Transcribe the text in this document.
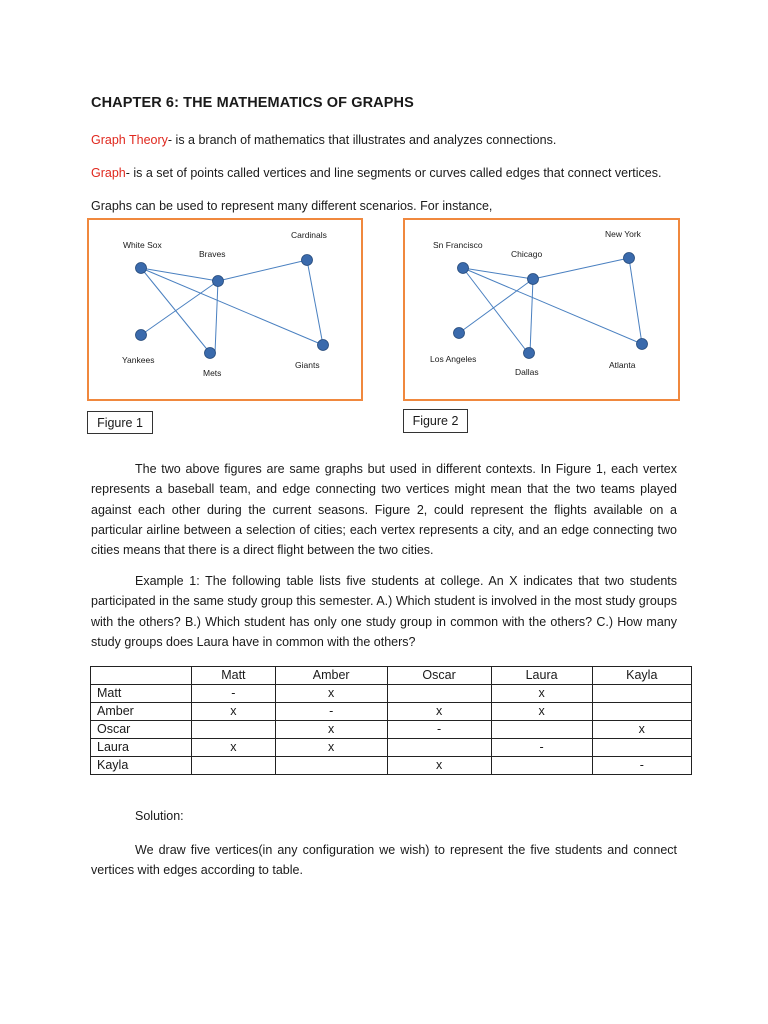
CHAPTER 6: THE MATHEMATICS OF GRAPHS
Graph Theory- is a branch of mathematics that illustrates and analyzes connections.
Graph- is a set of points called vertices and line segments or curves called edges that connect vertices.
Graphs can be used to represent many different scenarios. For instance,
White Sox
Braves
Cardinals
Yankees
Mets
Giants
Figure 1
Sn Francisco
Chicago
New York
Los Angeles
Dallas
Atlanta
Figure 2

The two above figures are same graphs but used in different contexts. In Figure 1, each vertex represents a baseball team, and edge connecting two vertices might mean that the two teams played against each other during the current seasons. Figure 2, could represent the flights available on a particular airline between a selection of cities; each vertex represents a city, and an edge connecting two cities means that there is a direct flight between the two cities.

Example 1: The following table lists five students at college. An X indicates that two students participated in the same study group this semester. A.) Which student is involved in the most study groups with the others? B.) Which student has only one study group in common with the others? C.) How many study groups does Laura have in common with the others?

	Matt	Amber	Oscar	Laura	Kayla
Matt	-	x		x	
Amber	x	-	x	x	
Oscar		x	-		x
Laura	x	x		-	
Kayla			x		-
Solution:

We draw five vertices(in any configuration we wish) to represent the five students and connect vertices with edges according to table.
